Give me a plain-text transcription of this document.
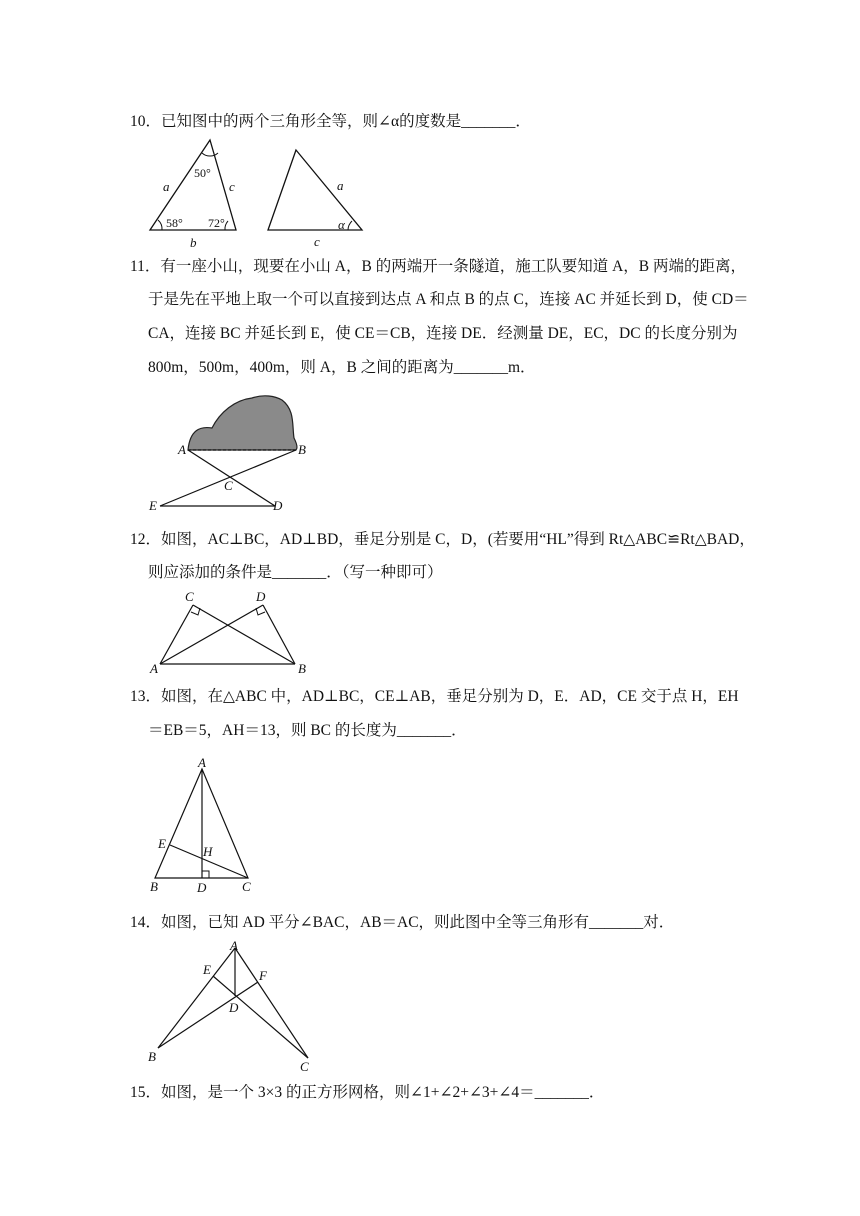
10．已知图中的两个三角形全等，则∠α的度数是_______．
50°
58° 72°
a	c
b
a
c
α
11．有一座小山，现要在小山 A，B 的两端开一条隧道，施工队要知道 A，B 两端的距离，
于是先在平地上取一个可以直接到达点 A 和点 B 的点 C，连接 AC 并延长到 D，使 CD＝
CA，连接 BC 并延长到 E，使 CE＝CB，连接 DE．经测量 DE，EC，DC 的长度分别为
800m，500m，400m，则 A，B 之间的距离为_______m．
A	B
C
D
E
12．如图，AC⊥BC，AD⊥BD，垂足分别是 C，D，(若要用“HL”得到 Rt△ABC≌Rt△BAD，
则应添加的条件是_______．（写一种即可）
A	B
C	D
13．如图，在△ABC 中，AD⊥BC，CE⊥AB，垂足分别为 D，E．AD，CE 交于点 H，EH
＝EB＝5，AH＝13，则 BC 的长度为_______．
A
B	C
D
E
H
14．如图，已知 AD 平分∠BAC，AB＝AC，则此图中全等三角形有_______对．
A
B
C
D
E	F
15．如图，是一个 3×3 的正方形网格，则∠1+∠2+∠3+∠4＝_______．
